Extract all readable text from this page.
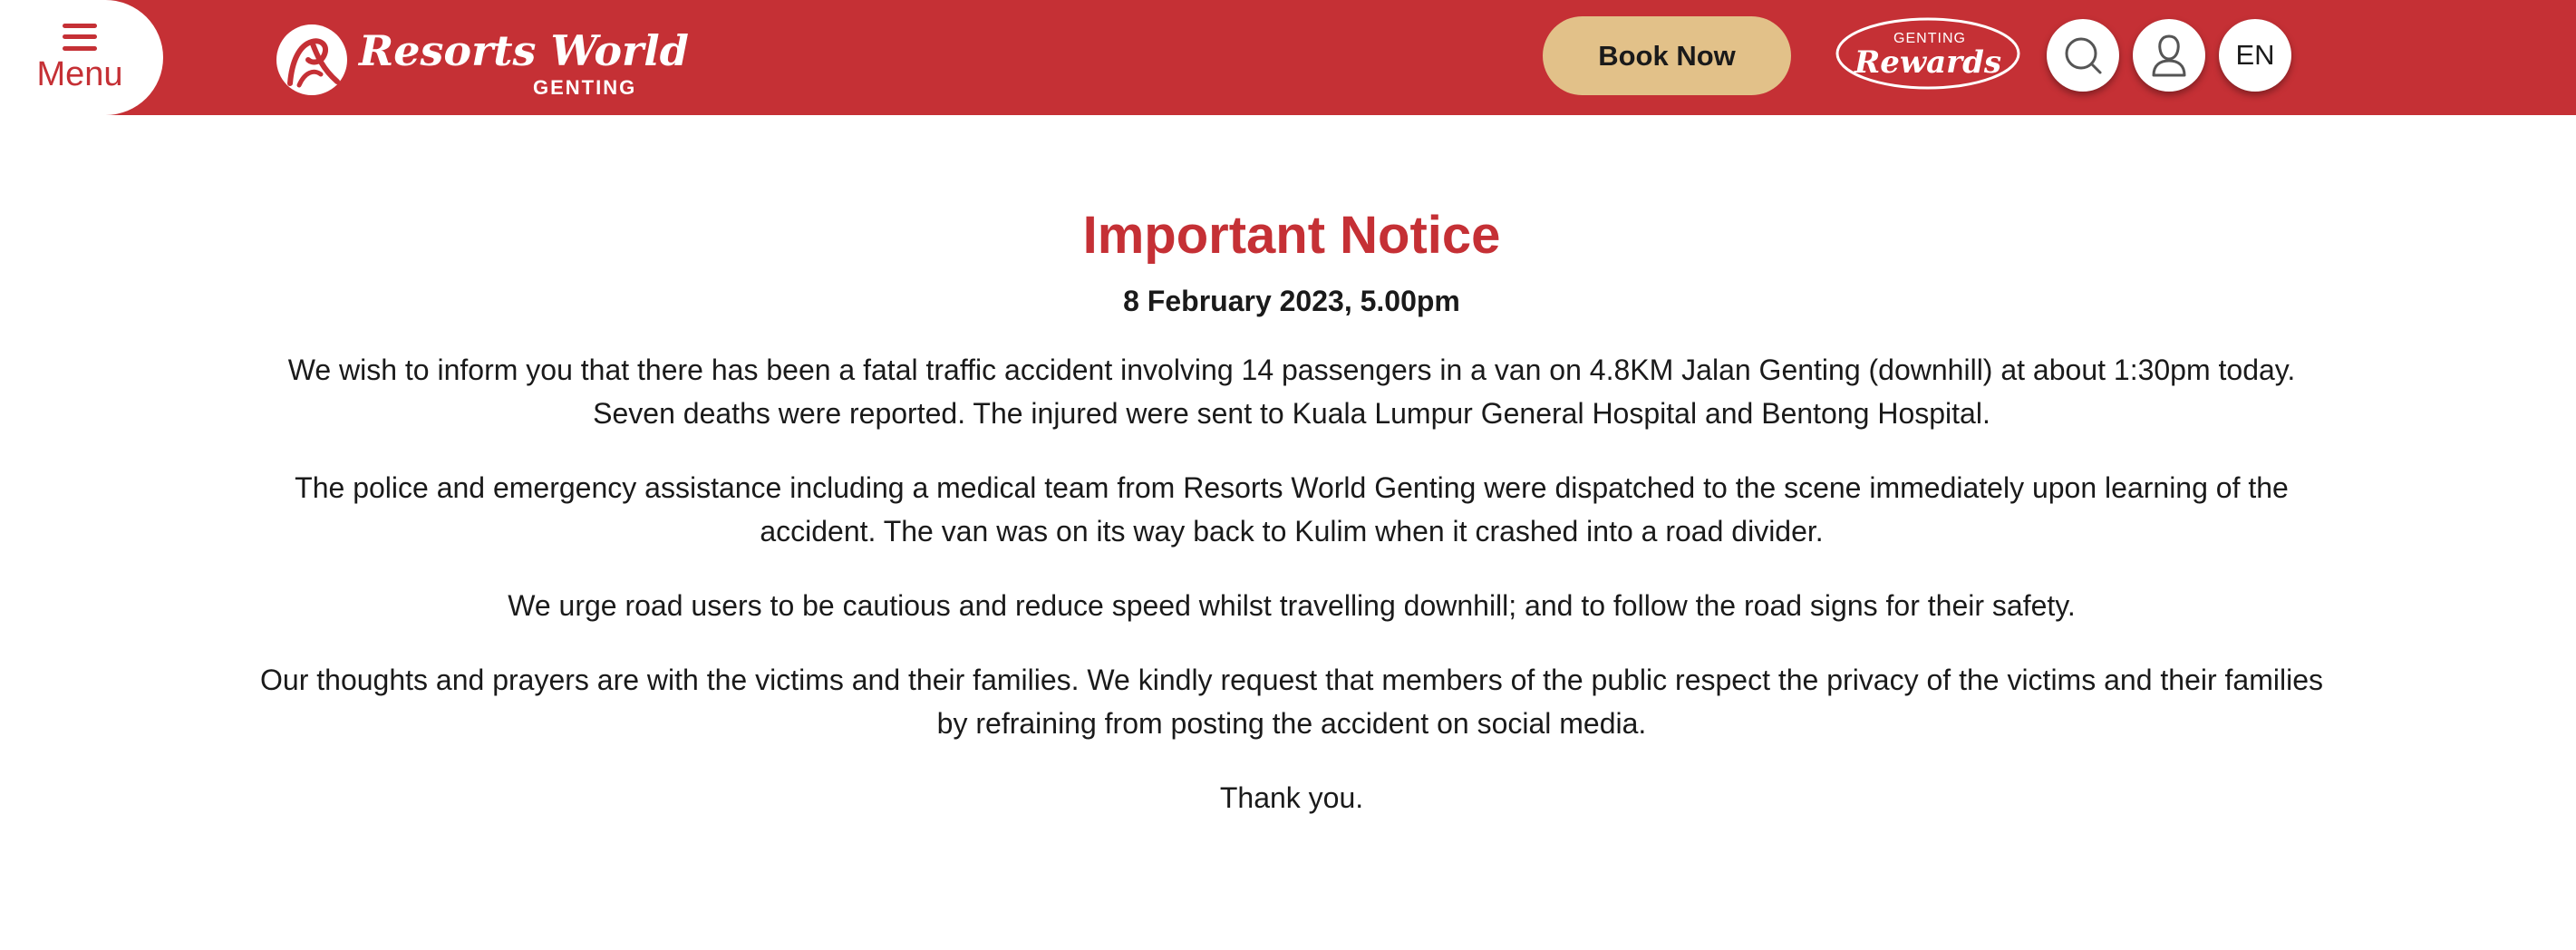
Menu	Resorts World
GENTING
Book Now
GENTING
Rewards	EN
Important Notice
8 February 2023, 5.00pm

We wish to inform you that there has been a fatal traffic accident involving 14 passengers in a van on 4.8KM Jalan Genting (downhill) at about 1:30pm today. Seven deaths were reported. The injured were sent to Kuala Lumpur General Hospital and Bentong Hospital.

The police and emergency assistance including a medical team from Resorts World Genting were dispatched to the scene immediately upon learning of the accident. The van was on its way back to Kulim when it crashed into a road divider.

We urge road users to be cautious and reduce speed whilst travelling downhill; and to follow the road signs for their safety.

Our thoughts and prayers are with the victims and their families. We kindly request that members of the public respect the privacy of the victims and their families by refraining from posting the accident on social media.

Thank you.
